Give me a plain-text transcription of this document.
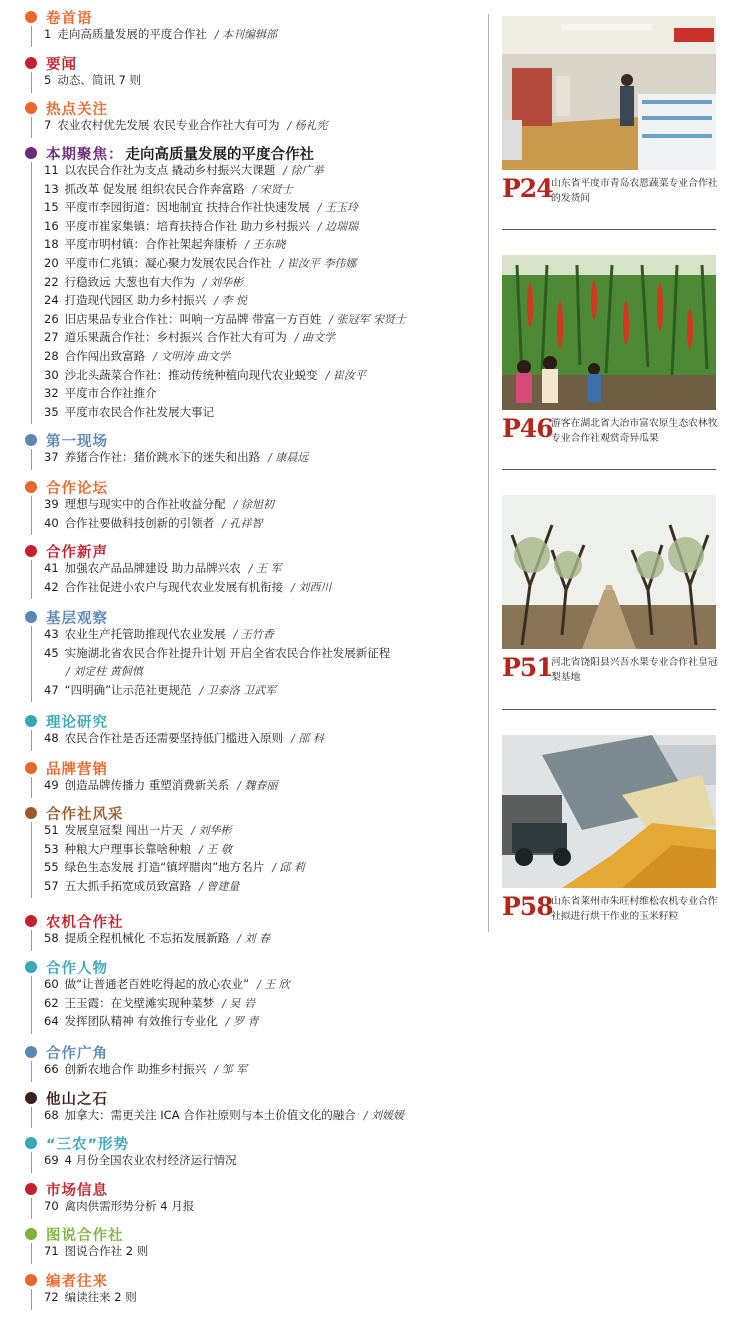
卷首语
1 走向高质量发展的平度合作社 / 本刊编辑部
要闻
5 动态、简讯 7 则
热点关注
7 农业农村优先发展 农民专业合作社大有可为 / 杨礼宪
本期聚焦： 走向高质量发展的平度合作社
11 以农民合作社为支点 撬动乡村振兴大课题 / 徐广举
13 抓改革 促发展 组织农民合作奔富路 / 宋贤士
15 平度市李园街道：因地制宜 扶持合作社快速发展 / 王玉玲
16 平度市崔家集镇：培育扶持合作社 助力乡村振兴 / 边瑞瑞
18 平度市明村镇：合作社架起奔康桥 / 王东晓
20 平度市仁兆镇：凝心聚力发展农民合作社 / 崔汝平 李伟娜
22 行稳致远 大葱也有大作为 / 刘华彬
24 打造现代园区 助力乡村振兴 / 李 悦
26 旧店果品专业合作社：叫响一方品牌 带富一方百姓 / 张冠军 宋贤士
27 道乐果蔬合作社：乡村振兴 合作社大有可为 / 曲文学
28 合作闯出致富路 / 文明涛 曲文学
30 沙北头蔬菜合作社：推动传统种植向现代农业蜕变 / 崔汝平
32 平度市合作社推介
35 平度市农民合作社发展大事记
第一现场
37 养猪合作社：猪价跳水下的迷失和出路 / 康晨远
合作论坛
39 理想与现实中的合作社收益分配 / 徐旭初
40 合作社要做科技创新的引领者 / 孔祥智
合作新声
41 加强农产品品牌建设 助力品牌兴农 / 王 军
42 合作社促进小农户与现代农业发展有机衔接 / 刘西川
基层观察
43 农业生产托管助推现代农业发展 / 王竹香
45 实施湖北省农民合作社提升计划 开启全省农民合作社发展新征程
/ 刘定柱 黄侗慎
47 “四明确”让示范社更规范 / 卫泰洛 卫武军
理论研究
48 农民合作社是否还需要坚持低门槛进入原则 / 邵 科
品牌营销
49 创造品牌传播力 重塑消费新关系 / 魏春丽
合作社风采
51 发展皇冠梨 闯出一片天 / 刘华彬
53 种粮大户理事长靠啥种粮 / 王 敬
55 绿色生态发展 打造“镇坪腊肉”地方名片 / 邱 莉
57 五大抓手拓宽成员致富路 / 曾建量
农机合作社
58 提质全程机械化 不忘拓发展新路 / 刘 春
合作人物
60 做“让普通老百姓吃得起的放心农业” / 王 欣
62 王玉霞：在戈壁滩实现种菜梦 / 吴 岩
64 发挥团队精神 有效推行专业化 / 罗 青
合作广角
66 创新农地合作 助推乡村振兴 / 邹 军
他山之石
68 加拿大：需更关注 ICA 合作社原则与本土价值文化的融合 / 刘媛媛
“三农”形势
69 4 月份全国农业农村经济运行情况
市场信息
70 禽肉供需形势分析 4 月报
图说合作社
71 图说合作社 2 则
编者往来
72 编读往来 2 则
P24
山东省平度市青岛农恩蔬菜专业合作社的发货间
P46
游客在湖北省大冶市富农原生态农林牧专业合作社观赏奇异瓜果
P51
河北省饶阳县兴吾水果专业合作社皇冠梨基地
P58
山东省莱州市朱旺村维松农机专业合作社拟进行烘干作业的玉米籽粒
